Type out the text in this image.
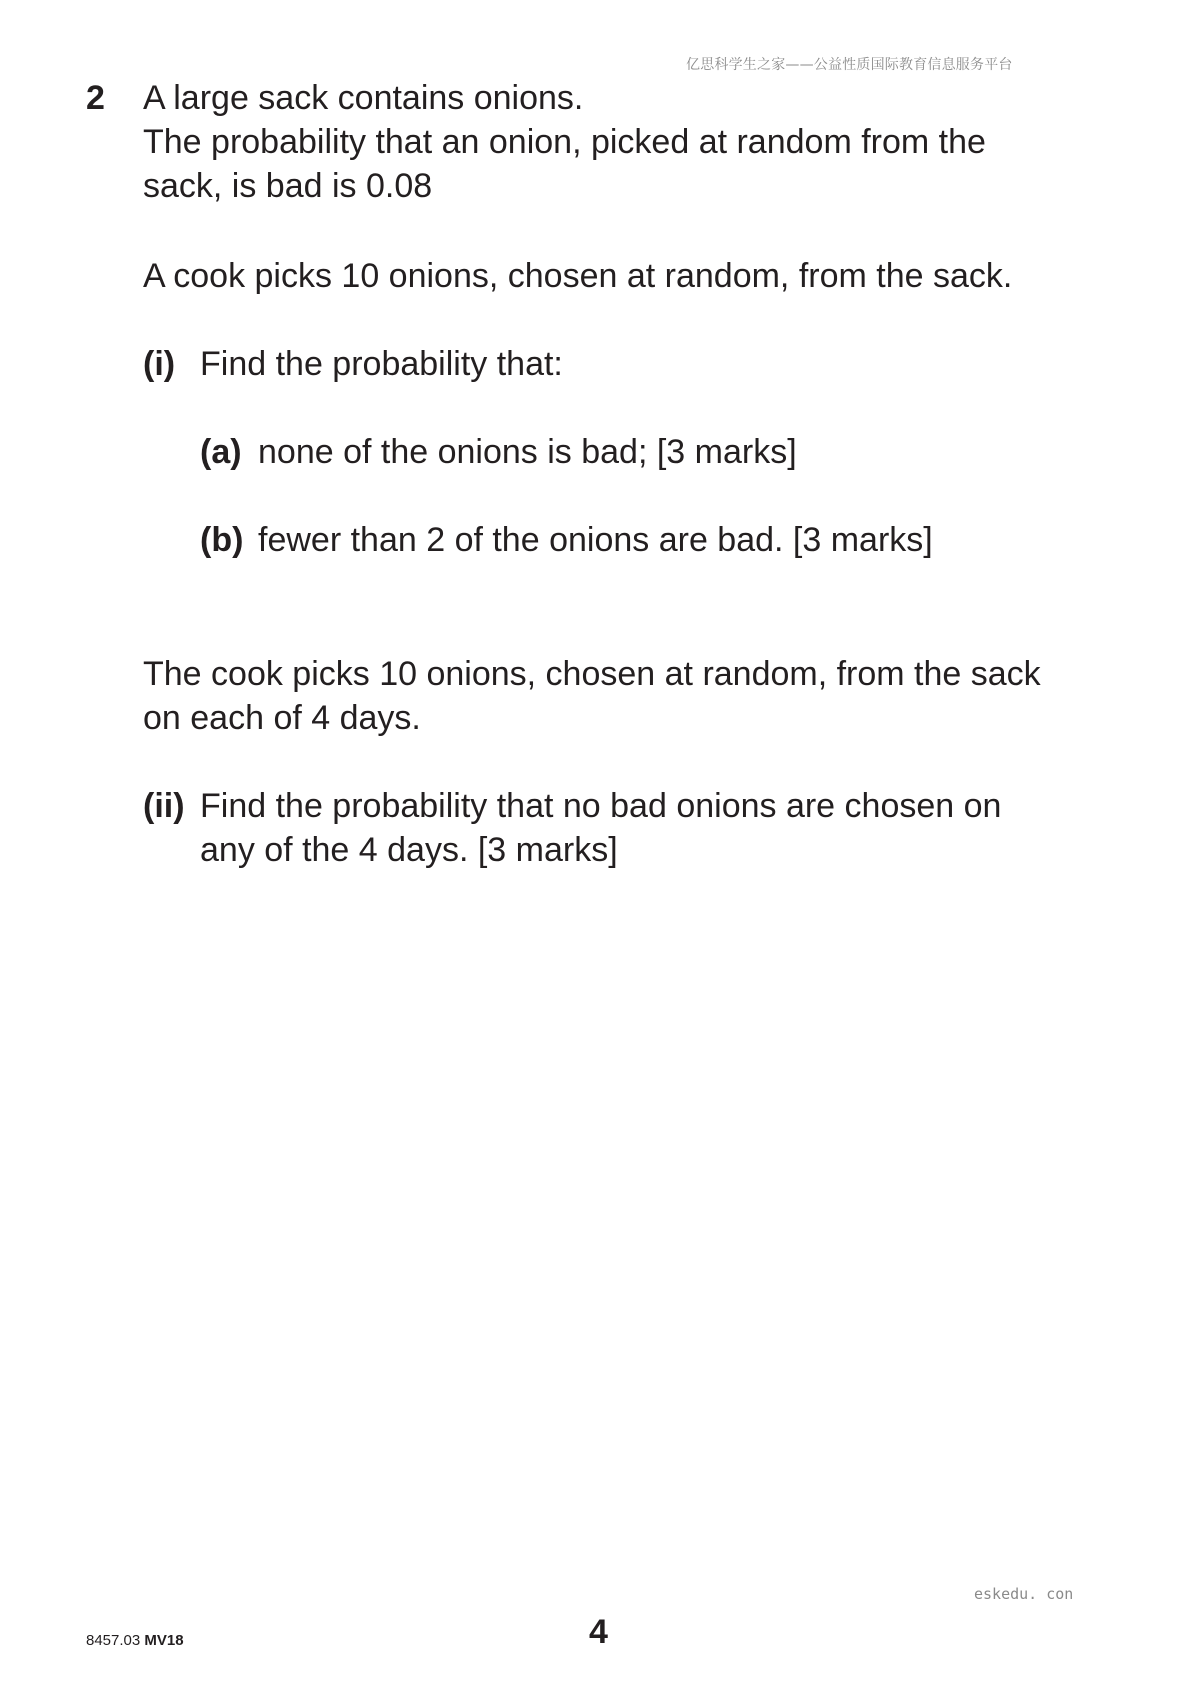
亿思科学生之家——公益性质国际教育信息服务平台
2 A large sack contains onions.
The probability that an onion, picked at random from the
sack, is bad is 0.08
A cook picks 10 onions, chosen at random, from the sack.
(i) Find the probability that:
(a) none of the onions is bad; [3 marks]
(b) fewer than 2 of the onions are bad. [3 marks]
The cook picks 10 onions, chosen at random, from the sack
on each of 4 days.
(ii) Find the probability that no bad onions are chosen on
any of the 4 days. [3 marks]
eskedu. con
8457.03 MV18	4
